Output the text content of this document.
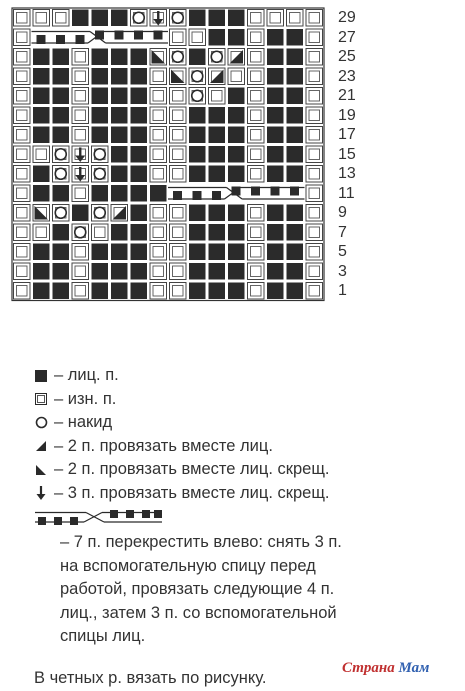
29
27
25
23
21
19
17
15
13
11
9
7
5
3
1
– лиц. п.
– изн. п.
– накид
– 2 п. провязать вместе лиц.
– 2 п. провязать вместе лиц. скрещ.
– 3 п. провязать вместе лиц. скрещ.
– 7 п. перекрестить влево: снять 3 п.
на вспомогательную спицу перед
работой, провязать следующие 4 п.
лиц., затем 3 п. со вспомогательной
спицы лиц.
В четных р. вязать по рисунку.
Страна Мам
